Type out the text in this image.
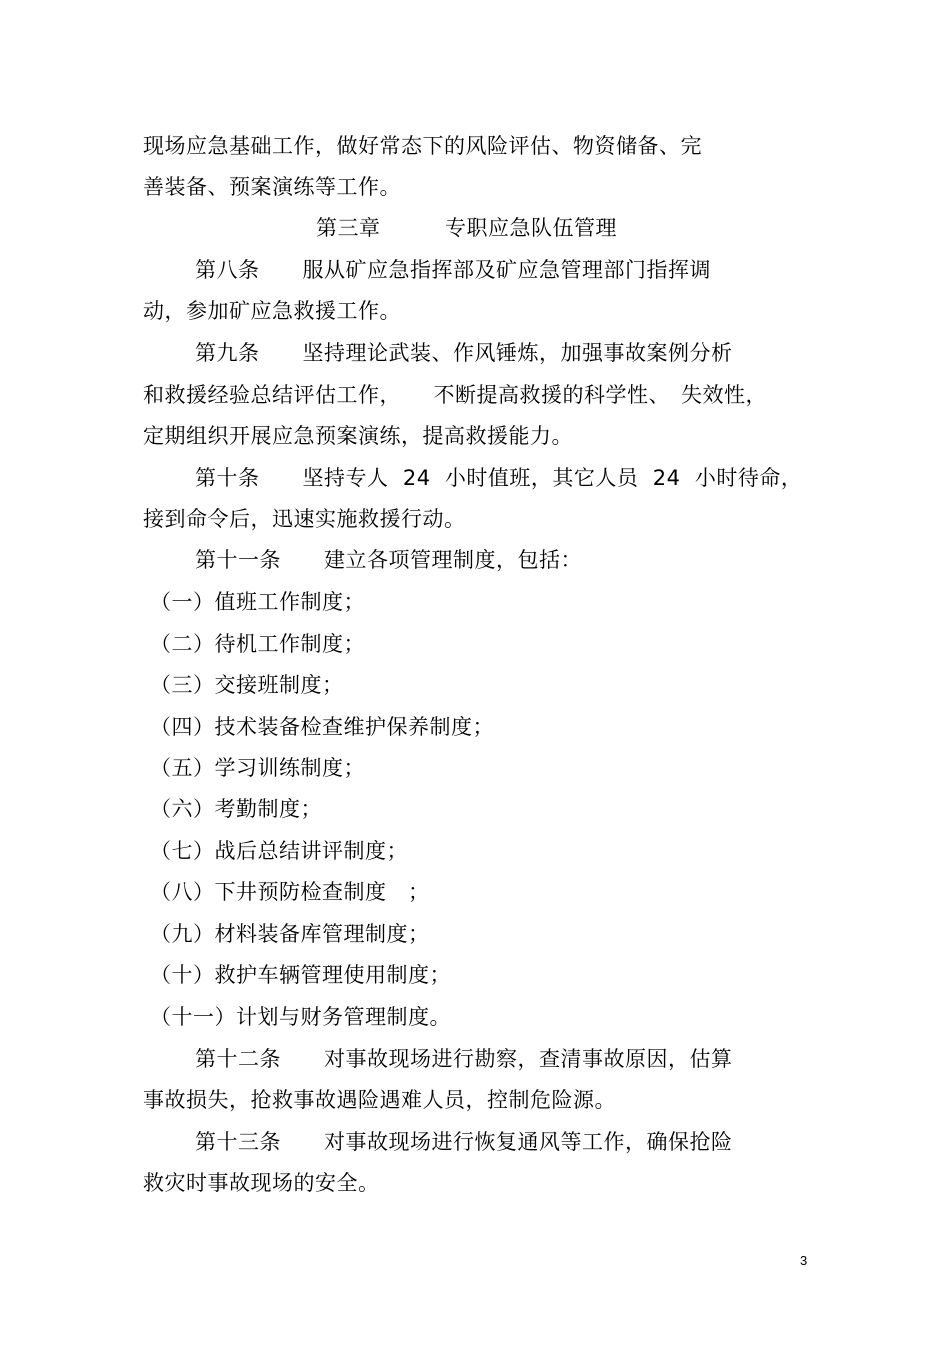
现场应急基础工作，做好常态下的风险评估、物资储备、完
善装备、预案演练等工作。
第三章　　　专职应急队伍管理
第八条　　服从矿应急指挥部及矿应急管理部门指挥调
动，参加矿应急救援工作。
第九条　　坚持理论武装、作风锤炼，加强事故案例分析
和救援经验总结评估工作，　　不断提高救援的科学性、　失效性，
定期组织开展应急预案演练，提高救援能力。
第十条　　坚持专人  24  小时值班，其它人员  24  小时待命，
接到命令后，迅速实施救援行动。
第十一条　　建立各项管理制度，包括：
（一）值班工作制度；
（二）待机工作制度；
（三）交接班制度；
（四）技术装备检查维护保养制度；
（五）学习训练制度；
（六）考勤制度；
（七）战后总结讲评制度；
（八）下井预防检查制度　；
（九）材料装备库管理制度；
（十）救护车辆管理使用制度；
（十一）计划与财务管理制度。
第十二条　　对事故现场进行勘察，查清事故原因，估算
事故损失，抢救事故遇险遇难人员，控制危险源。
第十三条　　对事故现场进行恢复通风等工作，确保抢险
救灾时事故现场的安全。
3
